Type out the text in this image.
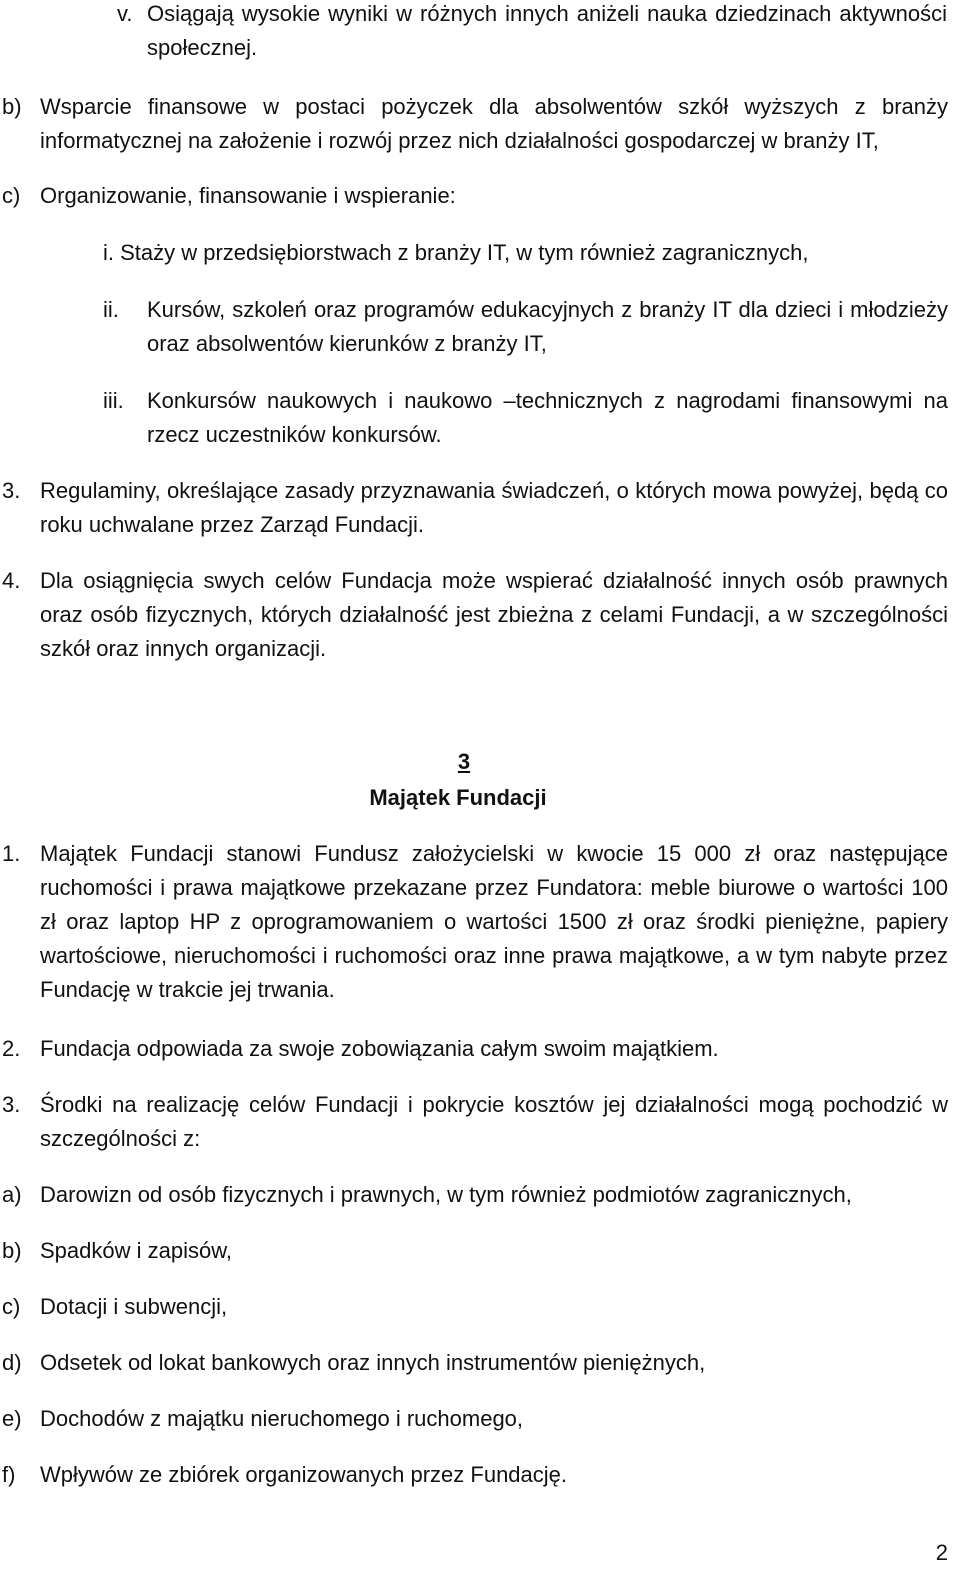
v. Osiągają wysokie wyniki w różnych innych aniżeli nauka dziedzinach aktywności społecznej.
b) Wsparcie finansowe w postaci pożyczek dla absolwentów szkół wyższych z branży informatycznej na założenie i rozwój przez nich działalności gospodarczej w branży IT,
c) Organizowanie, finansowanie i wspieranie:
i. Staży w przedsiębiorstwach z branży IT, w tym również zagranicznych,
ii. Kursów, szkoleń oraz programów edukacyjnych z branży IT dla dzieci i młodzieży oraz absolwentów kierunków z branży IT,
iii. Konkursów naukowych i naukowo –technicznych z nagrodami finansowymi na rzecz uczestników konkursów.
3. Regulaminy, określające zasady przyznawania świadczeń, o których mowa powyżej, będą co roku uchwalane przez Zarząd Fundacji.
4. Dla osiągnięcia swych celów Fundacja może wspierać działalność innych osób prawnych oraz osób fizycznych, których działalność jest zbieżna z celami Fundacji, a w szczególności szkół oraz innych organizacji.
3
Majątek Fundacji
1. Majątek Fundacji stanowi Fundusz założycielski w kwocie 15 000 zł oraz następujące ruchomości i prawa majątkowe przekazane przez Fundatora: meble biurowe o wartości 100 zł oraz laptop HP z oprogramowaniem o wartości 1500 zł oraz środki pieniężne, papiery wartościowe, nieruchomości i ruchomości oraz inne prawa majątkowe, a w tym nabyte przez Fundację w trakcie jej trwania.
2. Fundacja odpowiada za swoje zobowiązania całym swoim majątkiem.
3. Środki na realizację celów Fundacji i pokrycie kosztów jej działalności mogą pochodzić w szczególności z:
a) Darowizn od osób fizycznych i prawnych, w tym również podmiotów zagranicznych,
b) Spadków i zapisów,
c) Dotacji i subwencji,
d) Odsetek od lokat bankowych oraz innych instrumentów pieniężnych,
e) Dochodów z majątku nieruchomego i ruchomego,
f) Wpływów ze zbiórek organizowanych przez Fundację.
2
